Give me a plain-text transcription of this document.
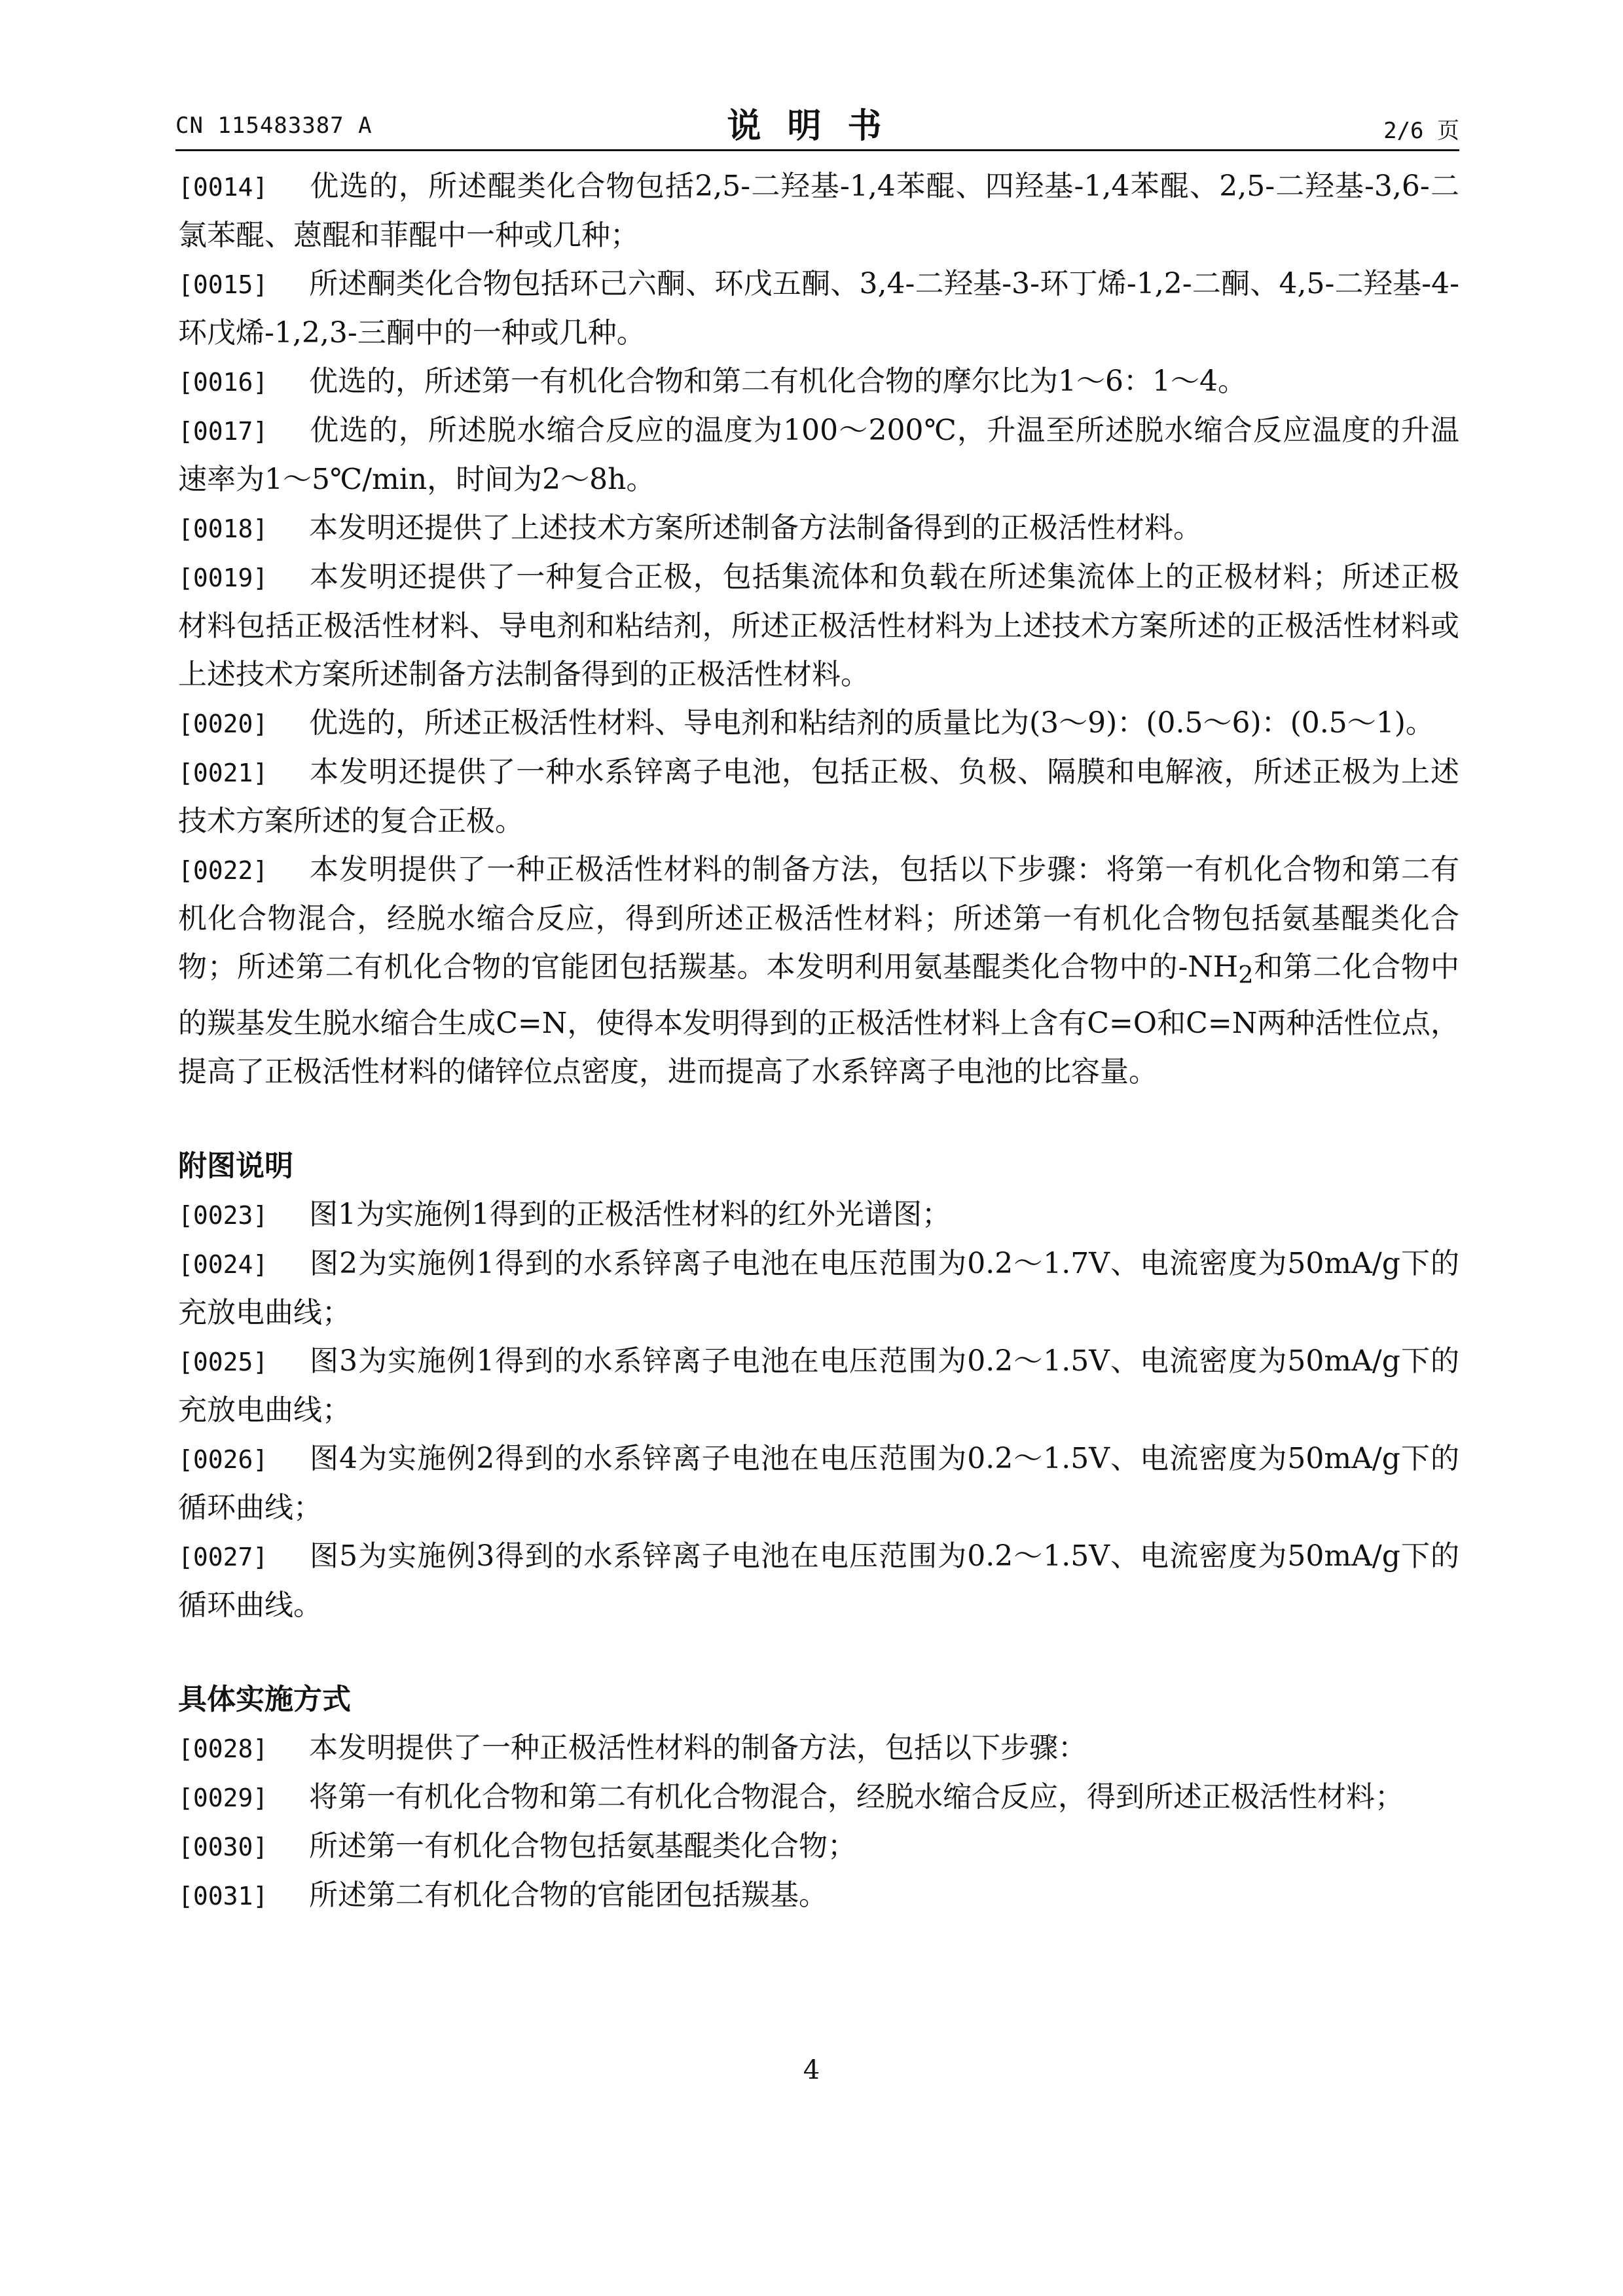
CN 115483387 A	说明书	2/6 页

[0014] 优选的，所述醌类化合物包括2,5-二羟基-1,4苯醌、四羟基-1,4苯醌、2,5-二羟基-3,6-二氯苯醌、蒽醌和菲醌中一种或几种；

[0015] 所述酮类化合物包括环己六酮、环戊五酮、3,4-二羟基-3-环丁烯-1,2-二酮、4,5-二羟基-4-环戊烯-1,2,3-三酮中的一种或几种。

[0016] 优选的，所述第一有机化合物和第二有机化合物的摩尔比为1～6：1～4。

[0017] 优选的，所述脱水缩合反应的温度为100～200℃，升温至所述脱水缩合反应温度的升温速率为1～5℃/min，时间为2～8h。

[0018] 本发明还提供了上述技术方案所述制备方法制备得到的正极活性材料。

[0019] 本发明还提供了一种复合正极，包括集流体和负载在所述集流体上的正极材料；所述正极材料包括正极活性材料、导电剂和粘结剂，所述正极活性材料为上述技术方案所述的正极活性材料或上述技术方案所述制备方法制备得到的正极活性材料。

[0020] 优选的，所述正极活性材料、导电剂和粘结剂的质量比为(3～9)：(0.5～6)：(0.5～1)。

[0021] 本发明还提供了一种水系锌离子电池，包括正极、负极、隔膜和电解液，所述正极为上述技术方案所述的复合正极。

[0022] 本发明提供了一种正极活性材料的制备方法，包括以下步骤：将第一有机化合物和第二有机化合物混合，经脱水缩合反应，得到所述正极活性材料；所述第一有机化合物包括氨基醌类化合物；所述第二有机化合物的官能团包括羰基。本发明利用氨基醌类化合物中的$-NH_2$和第二化合物中的羰基发生脱水缩合生成C=N，使得本发明得到的正极活性材料上含有C=O和C=N两种活性位点，提高了正极活性材料的储锌位点密度，进而提高了水系锌离子电池的比容量。

附图说明

[0023] 图1为实施例1得到的正极活性材料的红外光谱图；

[0024] 图2为实施例1得到的水系锌离子电池在电压范围为0.2～1.7V、电流密度为50mA/g下的充放电曲线；

[0025] 图3为实施例1得到的水系锌离子电池在电压范围为0.2～1.5V、电流密度为50mA/g下的充放电曲线；

[0026] 图4为实施例2得到的水系锌离子电池在电压范围为0.2～1.5V、电流密度为50mA/g下的循环曲线；

[0027] 图5为实施例3得到的水系锌离子电池在电压范围为0.2～1.5V、电流密度为50mA/g下的循环曲线。

具体实施方式

[0028] 本发明提供了一种正极活性材料的制备方法，包括以下步骤：

[0029] 将第一有机化合物和第二有机化合物混合，经脱水缩合反应，得到所述正极活性材料；

[0030] 所述第一有机化合物包括氨基醌类化合物；

[0031] 所述第二有机化合物的官能团包括羰基。

4
